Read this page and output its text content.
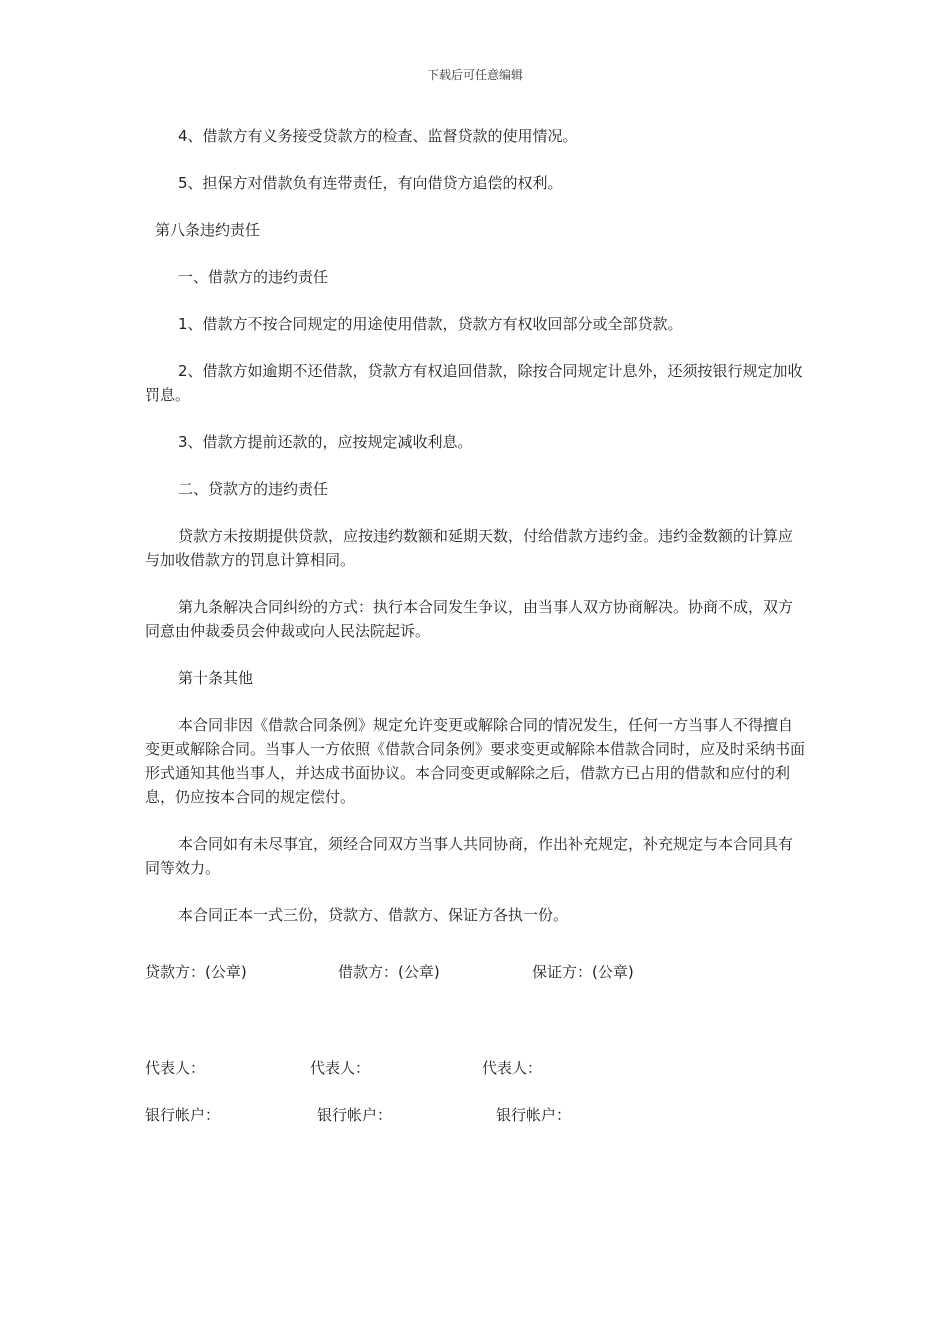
下载后可任意编辑

4、借款方有义务接受贷款方的检查、监督贷款的使用情况。

5、担保方对借款负有连带责任，有向借贷方追偿的权利。

第八条违约责任

一、借款方的违约责任

1、借款方不按合同规定的用途使用借款，贷款方有权收回部分或全部贷款。

2、借款方如逾期不还借款，贷款方有权追回借款，除按合同规定计息外，还须按银行规定加收罚息。

3、借款方提前还款的，应按规定减收利息。

二、贷款方的违约责任

贷款方未按期提供贷款，应按违约数额和延期天数，付给借款方违约金。违约金数额的计算应与加收借款方的罚息计算相同。

第九条解决合同纠纷的方式：执行本合同发生争议，由当事人双方协商解决。协商不成，双方同意由仲裁委员会仲裁或向人民法院起诉。

第十条其他

本合同非因《借款合同条例》规定允许变更或解除合同的情况发生，任何一方当事人不得擅自变更或解除合同。当事人一方依照《借款合同条例》要求变更或解除本借款合同时，应及时采纳书面形式通知其他当事人，并达成书面协议。本合同变更或解除之后，借款方已占用的借款和应付的利息，仍应按本合同的规定偿付。

本合同如有未尽事宜，须经合同双方当事人共同协商，作出补充规定，补充规定与本合同具有同等效力。

本合同正本一式三份，贷款方、借款方、保证方各执一份。

贷款方：(公章)	借款方：(公章)	保证方：(公章)
代表人：	代表人：	代表人：
银行帐户：	银行帐户：	银行帐户：
